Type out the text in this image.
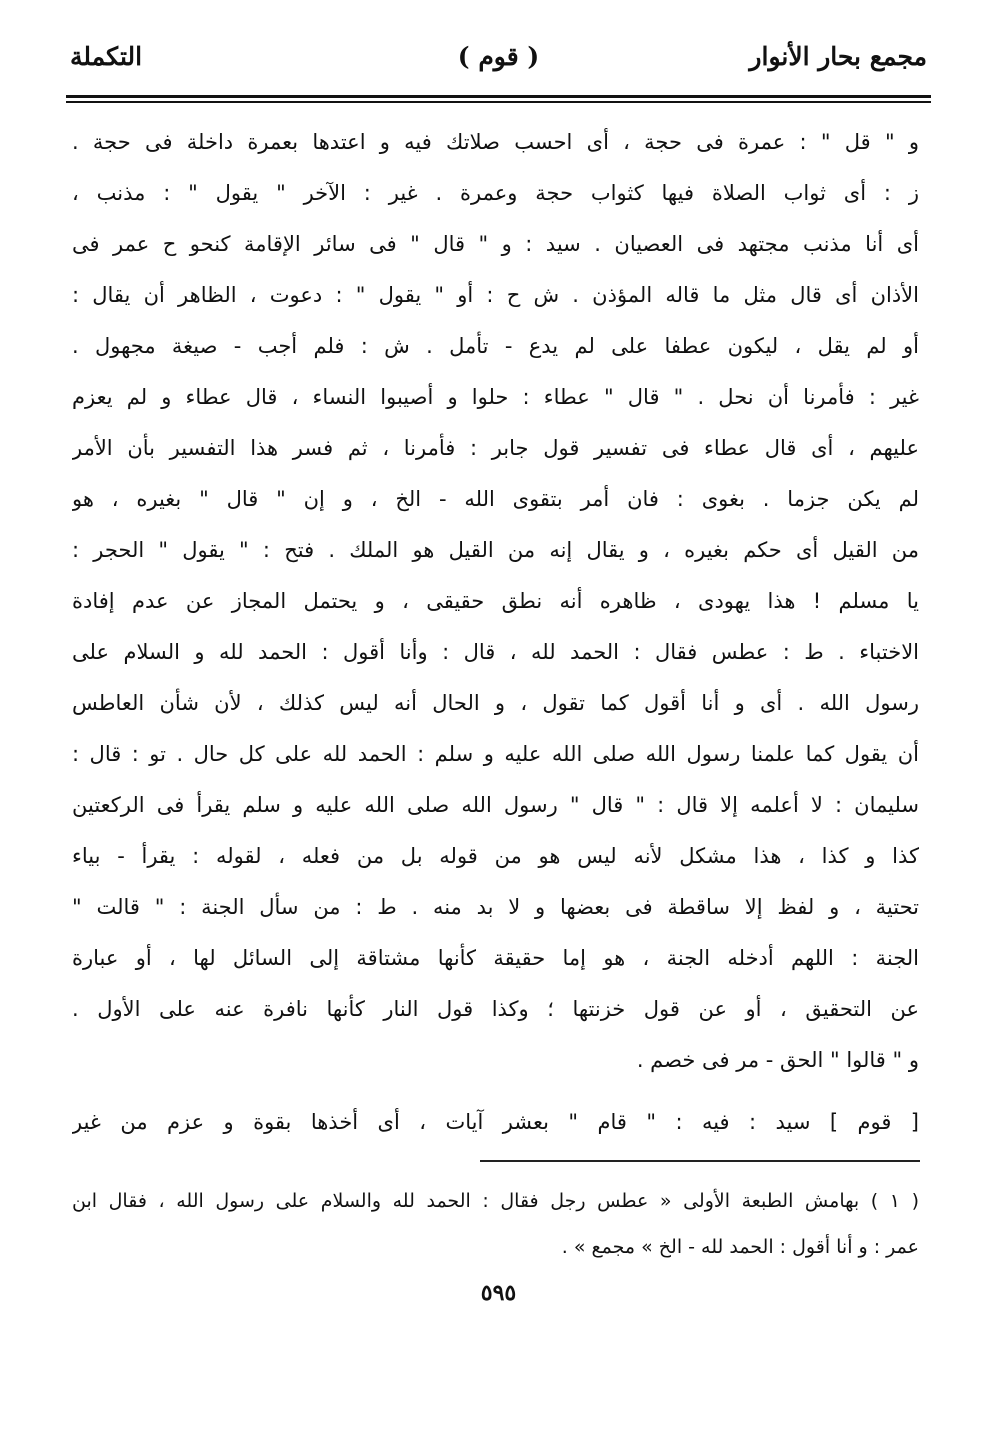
مجمع بحار الأنوار
( قوم )
التكملة
و " قل " : عمرة فى حجة ، أى احسب صلاتك فيه و اعتدها بعمرة داخلة فى حجة .
ز : أى ثواب الصلاة فيها كثواب حجة وعمرة . غير : الآخر " يقول " : مذنب ،
أى أنا مذنب مجتهد فى العصيان . سيد : و " قال " فى سائر الإقامة كنحو ح عمر فى
الأذان أى قال مثل ما قاله المؤذن . ش ح : أو " يقول " : دعوت ، الظاهر أن يقال :
أو لم يقل ، ليكون عطفا على لم يدع - تأمل . ش : فلم أجب - صيغة مجهول .
غير : فأمرنا أن نحل . " قال " عطاء : حلوا و أصيبوا النساء ، قال عطاء و لم يعزم
عليهم ، أى قال عطاء فى تفسير قول جابر : فأمرنا ، ثم فسر هذا التفسير بأن الأمر
لم يكن جزما . بغوى : فان أمر بتقوى الله - الخ ، و إن " قال " بغيره ، هو
من القيل أى حكم بغيره ، و يقال إنه من القيل هو الملك . فتح : " يقول " الحجر :
يا مسلم ! هذا يهودى ، ظاهره أنه نطق حقيقى ، و يحتمل المجاز عن عدم إفادة
الاختباء . ط : عطس فقال : الحمد لله ، قال : وأنا أقول : الحمد لله و السلام على
رسول الله . أى و أنا أقول كما تقول ، و الحال أنه ليس كذلك ، لأن شأن العاطس
أن يقول كما علمنا رسول الله صلى الله عليه و سلم : الحمد لله على كل حال . تو : قال :
سليمان : لا أعلمه إلا قال : " قال " رسول الله صلى الله عليه و سلم يقرأ فى الركعتين
كذا و كذا ، هذا مشكل لأنه ليس هو من قوله بل من فعله ، لقوله : يقرأ - بياء
تحتية ، و لفظ إلا ساقطة فى بعضها و لا بد منه . ط : من سأل الجنة : " قالت "
الجنة : اللهم أدخله الجنة ، هو إما حقيقة كأنها مشتاقة إلى السائل لها ، أو عبارة
عن التحقيق ، أو عن قول خزنتها ؛ وكذا قول النار كأنها نافرة عنه على الأول .
و " قالوا " الحق - مر فى خصم .
[ قوم ] سيد : فيه : " قام " بعشر آيات ، أى أخذها بقوة و عزم من غير
( ١ ) بهامش الطبعة الأولى « عطس رجل فقال : الحمد لله والسلام على رسول الله ، فقال ابن
عمر : و أنا أقول : الحمد لله - الخ » مجمع » .
٥٩٥
